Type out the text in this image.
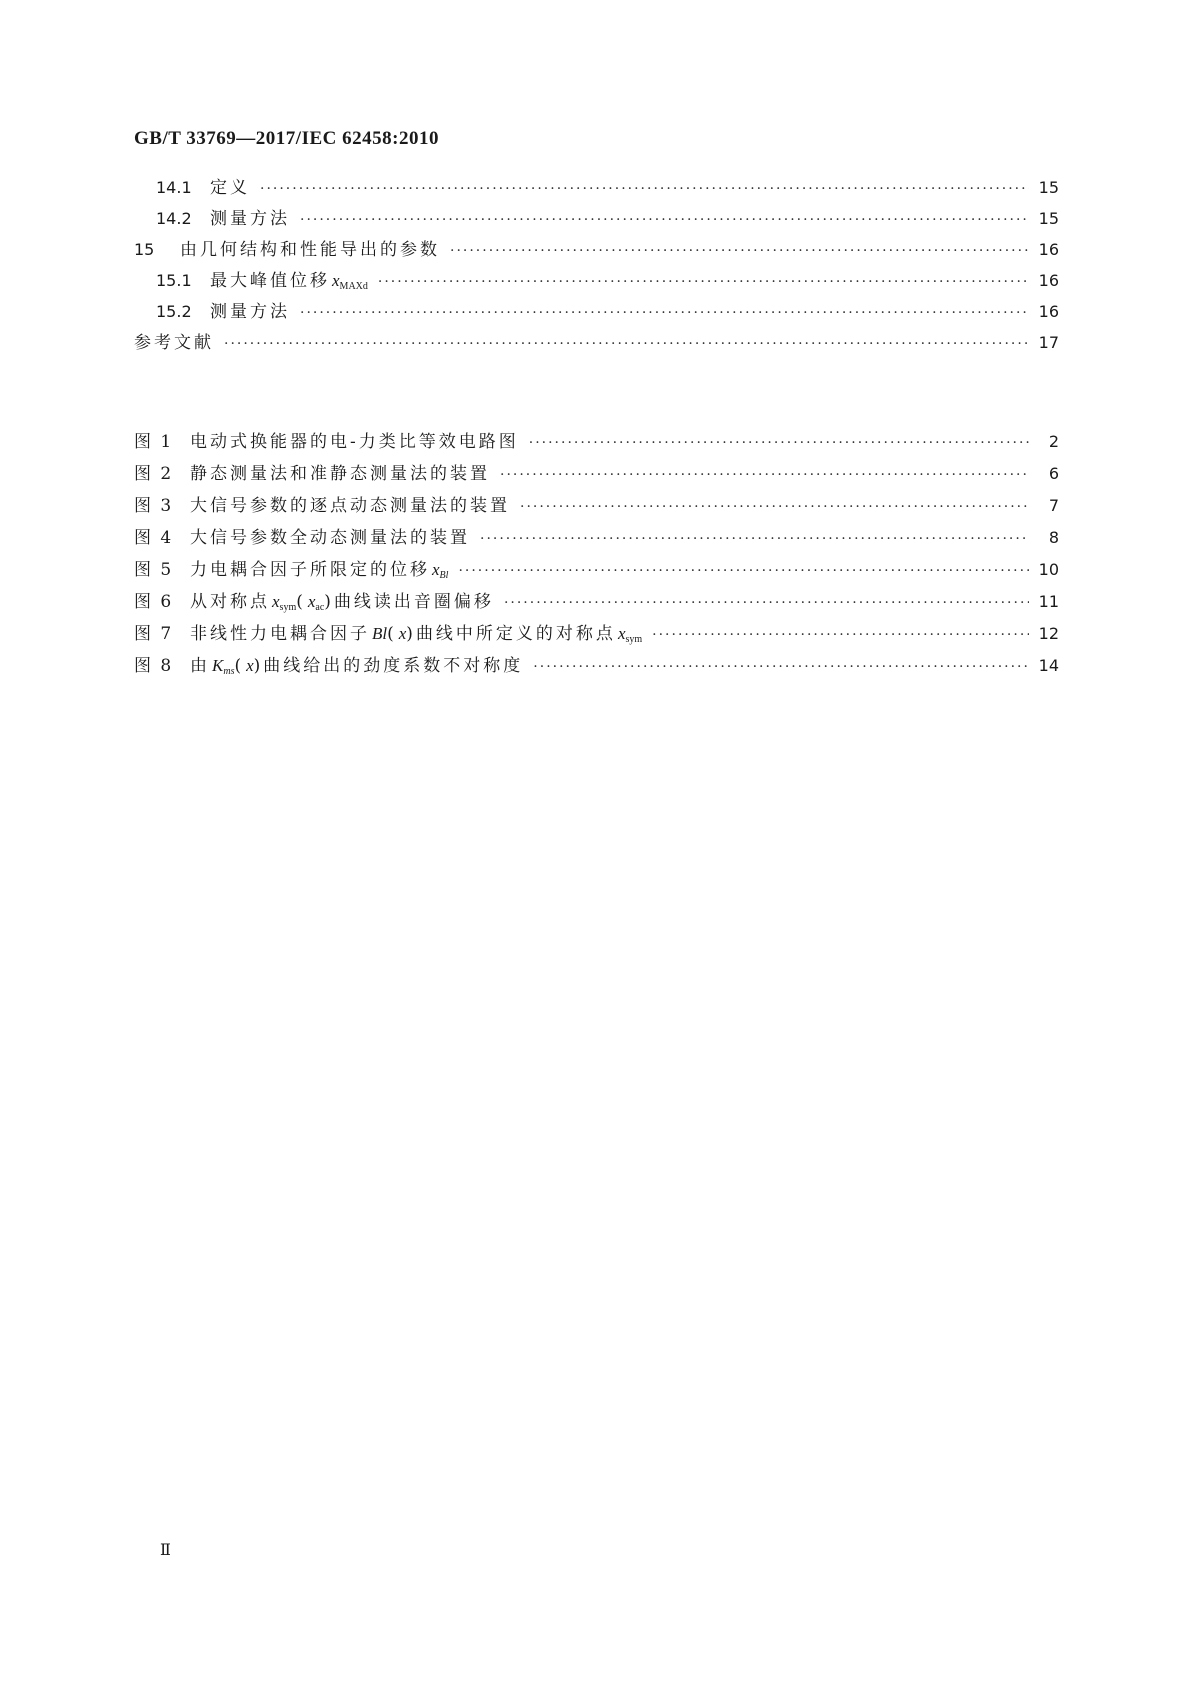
GB/T 33769—2017/IEC 62458:2010
14.1	定义 ·····	15
14.2	测量方法 ·····	15
15	由几何结构和性能导出的参数 ·····	16
15.1	最大峰值位移 $x_{MAXd}$ ·····	16
15.2	测量方法 ·····	16
参考文献 ·····	17
图 1 电动式换能器的电-力类比等效电路图 ·····	2
图 2 静态测量法和准静态测量法的装置 ·····	6
图 3 大信号参数的逐点动态测量法的装置 ·····	7
图 4 大信号参数全动态测量法的装置 ·····	8
图 5 力电耦合因子所限定的位移 $x_{Bl}$ ·····	10
图 6 从对称点 $x_{sym}$ ( $x_{ac}$ ) 曲线读出音圈偏移 ·····	11
图 7 非线性力电耦合因子 Bl ( x ) 曲线中所定义的对称点 $x_{sym}$ ·····	12
图 8 由 $K_{ms}$ ( x ) 曲线给出的劲度系数不对称度 ·····	14
Ⅱ
